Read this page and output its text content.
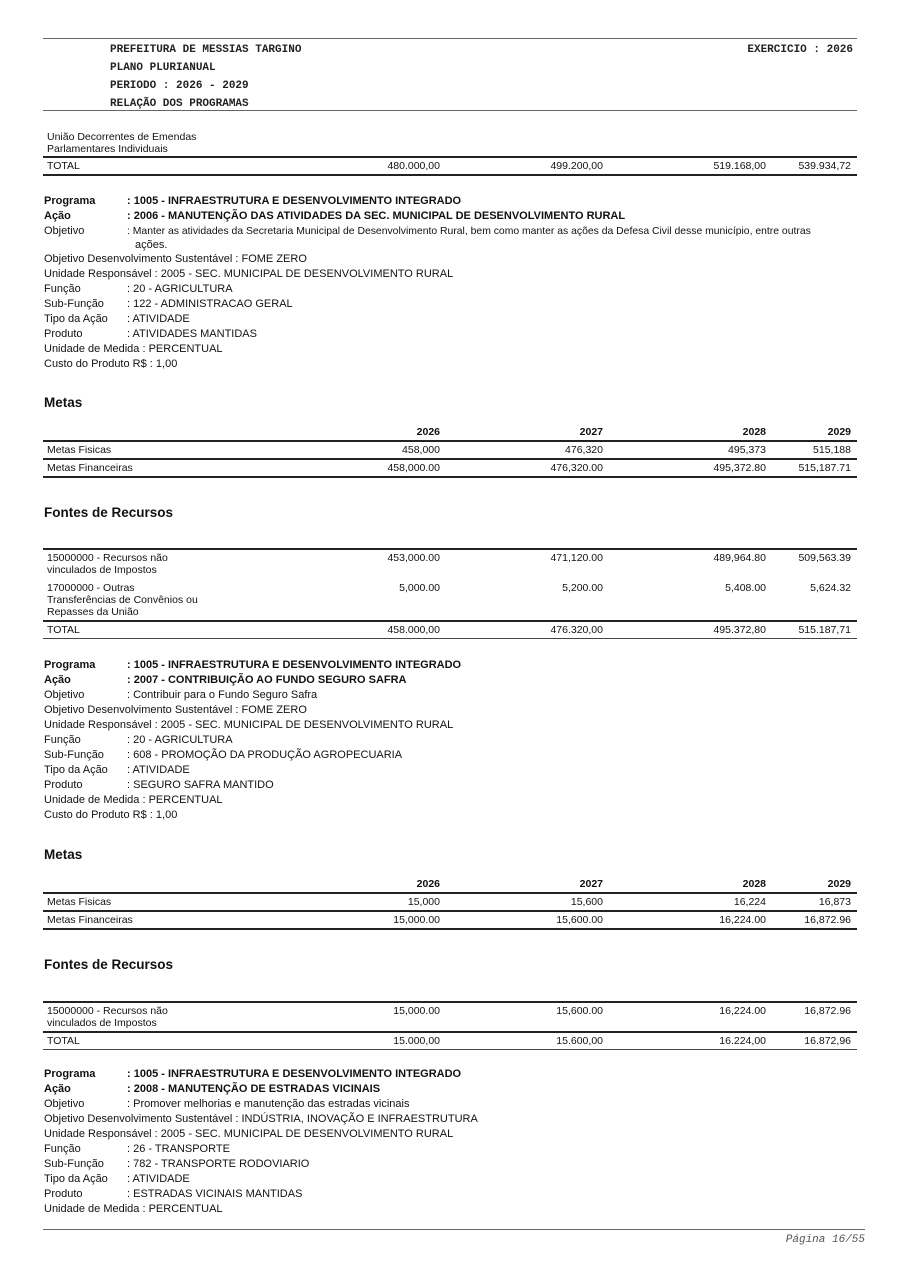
PREFEITURA DE MESSIAS TARGINO
PLANO PLURIANUAL
PERIODO : 2026 - 2029
RELAÇÃO DOS PROGRAMAS
EXERCICIO : 2026
União Decorrentes de Emendas
Parlamentares Individuais

TOTAL	480.000,00	499.200,00	519.168,00	539.934,72
Programa	: 1005 - INFRAESTRUTURA E DESENVOLVIMENTO INTEGRADO
Ação	: 2006 - MANUTENÇÃO DAS ATIVIDADES DA SEC. MUNICIPAL DE DESENVOLVIMENTO RURAL
Objetivo	: Manter as atividades da Secretaria Municipal de Desenvolvimento Rural, bem como manter as ações da Defesa Civil desse município, entre outras
ações.
Objetivo Desenvolvimento Sustentável : FOME ZERO
Unidade Responsável : 2005 - SEC. MUNICIPAL DE DESENVOLVIMENTO RURAL
Função	: 20 - AGRICULTURA
Sub-Função	: 122 - ADMINISTRACAO GERAL
Tipo da Ação	: ATIVIDADE
Produto	: ATIVIDADES MANTIDAS
Unidade de Medida : PERCENTUAL
Custo do Produto R$ : 1,00
Metas
	2026	2027	2028	2029
Metas Fisicas	458,000	476,320	495,373	515,188
Metas Financeiras	458,000.00	476,320.00	495,372.80	515,187.71
Fontes de Recursos
15000000 - Recursos não
vinculados de Impostos	453,000.00	471,120.00	489,964.80	509,563.39

17000000 - Outras
Transferências de Convênios ou
Repasses da União	5,000.00	5,200.00	5,408.00	5,624.32
TOTAL	458.000,00	476.320,00	495.372,80	515.187,71
Programa	: 1005 - INFRAESTRUTURA E DESENVOLVIMENTO INTEGRADO
Ação	: 2007 - CONTRIBUIÇÃO AO FUNDO SEGURO SAFRA
Objetivo	: Contribuir para o Fundo Seguro Safra
Objetivo Desenvolvimento Sustentável : FOME ZERO
Unidade Responsável : 2005 - SEC. MUNICIPAL DE DESENVOLVIMENTO RURAL
Função	: 20 - AGRICULTURA
Sub-Função	: 608 - PROMOÇÃO DA PRODUÇÃO AGROPECUARIA
Tipo da Ação	: ATIVIDADE
Produto	: SEGURO SAFRA MANTIDO
Unidade de Medida : PERCENTUAL
Custo do Produto R$ : 1,00
Metas
	2026	2027	2028	2029
Metas Fisicas	15,000	15,600	16,224	16,873
Metas Financeiras	15,000.00	15,600.00	16,224.00	16,872.96
Fontes de Recursos
15000000 - Recursos não
vinculados de Impostos	15,000.00	15,600.00	16,224.00	16,872.96
TOTAL	15.000,00	15.600,00	16.224,00	16.872,96
Programa	: 1005 - INFRAESTRUTURA E DESENVOLVIMENTO INTEGRADO
Ação	: 2008 - MANUTENÇÃO DE ESTRADAS VICINAIS
Objetivo	: Promover melhorias e manutenção das estradas vicinais
Objetivo Desenvolvimento Sustentável : INDÚSTRIA, INOVAÇÃO E INFRAESTRUTURA
Unidade Responsável : 2005 - SEC. MUNICIPAL DE DESENVOLVIMENTO RURAL
Função	: 26 - TRANSPORTE
Sub-Função	: 782 - TRANSPORTE RODOVIARIO
Tipo da Ação	: ATIVIDADE
Produto	: ESTRADAS VICINAIS MANTIDAS
Unidade de Medida : PERCENTUAL
Página 16/55
